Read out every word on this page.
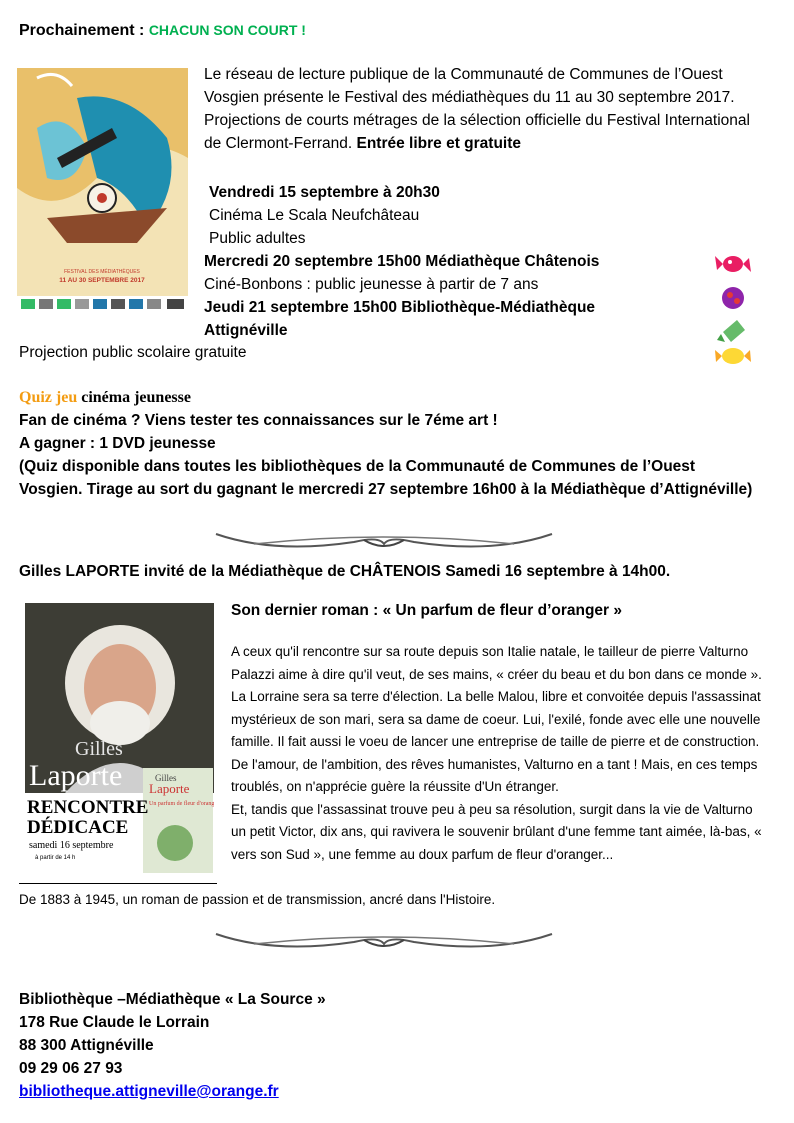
Prochainement : CHACUN SON COURT !
FESTIVAL DES MÉDIATHÈQUES
11 AU 30 SEPTEMBRE 2017
Le réseau de lecture publique de la Communauté de Communes de l’Ouest Vosgien présente le Festival des médiathèques du 11 au 30 septembre 2017. Projections de courts métrages de la sélection officielle du Festival International de Clermont-Ferrand. Entrée libre et gratuite
Vendredi 15 septembre à 20h30
Cinéma Le Scala Neufchâteau
Public adultes
Mercredi 20 septembre 15h00 Médiathèque Châtenois
Ciné-Bonbons : public jeunesse à partir de 7 ans
Jeudi 21 septembre 15h00 Bibliothèque-Médiathèque Attignéville
Projection public scolaire gratuite
Quiz jeu cinéma jeunesse
Fan de cinéma ? Viens tester tes connaissances sur le 7éme art !
A gagner : 1 DVD jeunesse
(Quiz disponible dans toutes les bibliothèques de la Communauté de Communes de l’Ouest Vosgien. Tirage au sort du gagnant le mercredi 27 septembre 16h00 à la Médiathèque d’Attignéville)
Gilles LAPORTE invité de la Médiathèque de CHÂTENOIS Samedi 16 septembre à 14h00.
Gilles
Laporte	Gilles
Laporte
Un parfum de fleur d'oranger
RENCONTRE
DÉDICACE
samedi 16 septembre
à partir de 14 h
Son dernier roman : « Un parfum de fleur d’oranger »
A ceux qu'il rencontre sur sa route depuis son Italie natale, le tailleur de pierre Valturno Palazzi aime à dire qu'il veut, de ses mains, « créer du beau et du bon dans ce monde ». La Lorraine sera sa terre d'élection. La belle Malou, libre et convoitée depuis l'assassinat mystérieux de son mari, sera sa dame de coeur. Lui, l'exilé, fonde avec elle une nouvelle famille. Il fait aussi le voeu de lancer une entreprise de taille de pierre et de construction. De l'amour, de l'ambition, des rêves humanistes, Valturno en a tant ! Mais, en ces temps troublés, on n'apprécie guère la réussite d'Un étranger.
Et, tandis que l'assassinat trouve peu à peu sa résolution, surgit dans la vie de Valturno un petit Victor, dix ans, qui ravivera le souvenir brûlant d'une femme tant aimée, là-bas, « vers son Sud », une femme au doux parfum de fleur d'oranger...
De 1883 à 1945, un roman de passion et de transmission, ancré dans l'Histoire.
Bibliothèque –Médiathèque « La Source »
178 Rue Claude le Lorrain
88 300 Attignéville
09 29 06 27 93
bibliotheque.attigneville@orange.fr
